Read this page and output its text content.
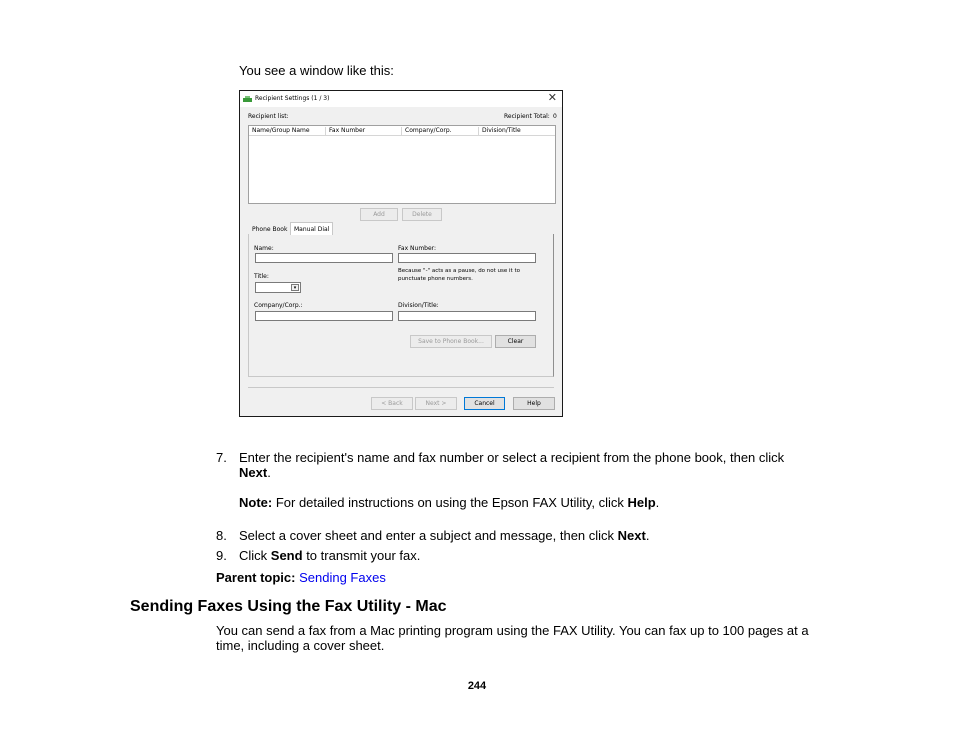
You see a window like this:
Recipient Settings (1 / 3)	✕
Recipient list:	Recipient Total: 0
Name/Group Name	Fax Number	Company/Corp.	Division/Title
Add	Delete
Phone Book	Manual Dial
Name:	Fax Number:
Title:
▾
Because "-" acts as a pause, do not use it to punctuate phone numbers.
Company/Corp.:	Division/Title:
Save to Phone Book...	Clear
< Back	Next >	Cancel	Help
7. Enter the recipient's name and fax number or select a recipient from the phone book, then click
Next.
Note: For detailed instructions on using the Epson FAX Utility, click Help.
8. Select a cover sheet and enter a subject and message, then click Next.
9. Click Send to transmit your fax.
Parent topic: Sending Faxes
Sending Faxes Using the Fax Utility - Mac
You can send a fax from a Mac printing program using the FAX Utility. You can fax up to 100 pages at a
time, including a cover sheet.
244
